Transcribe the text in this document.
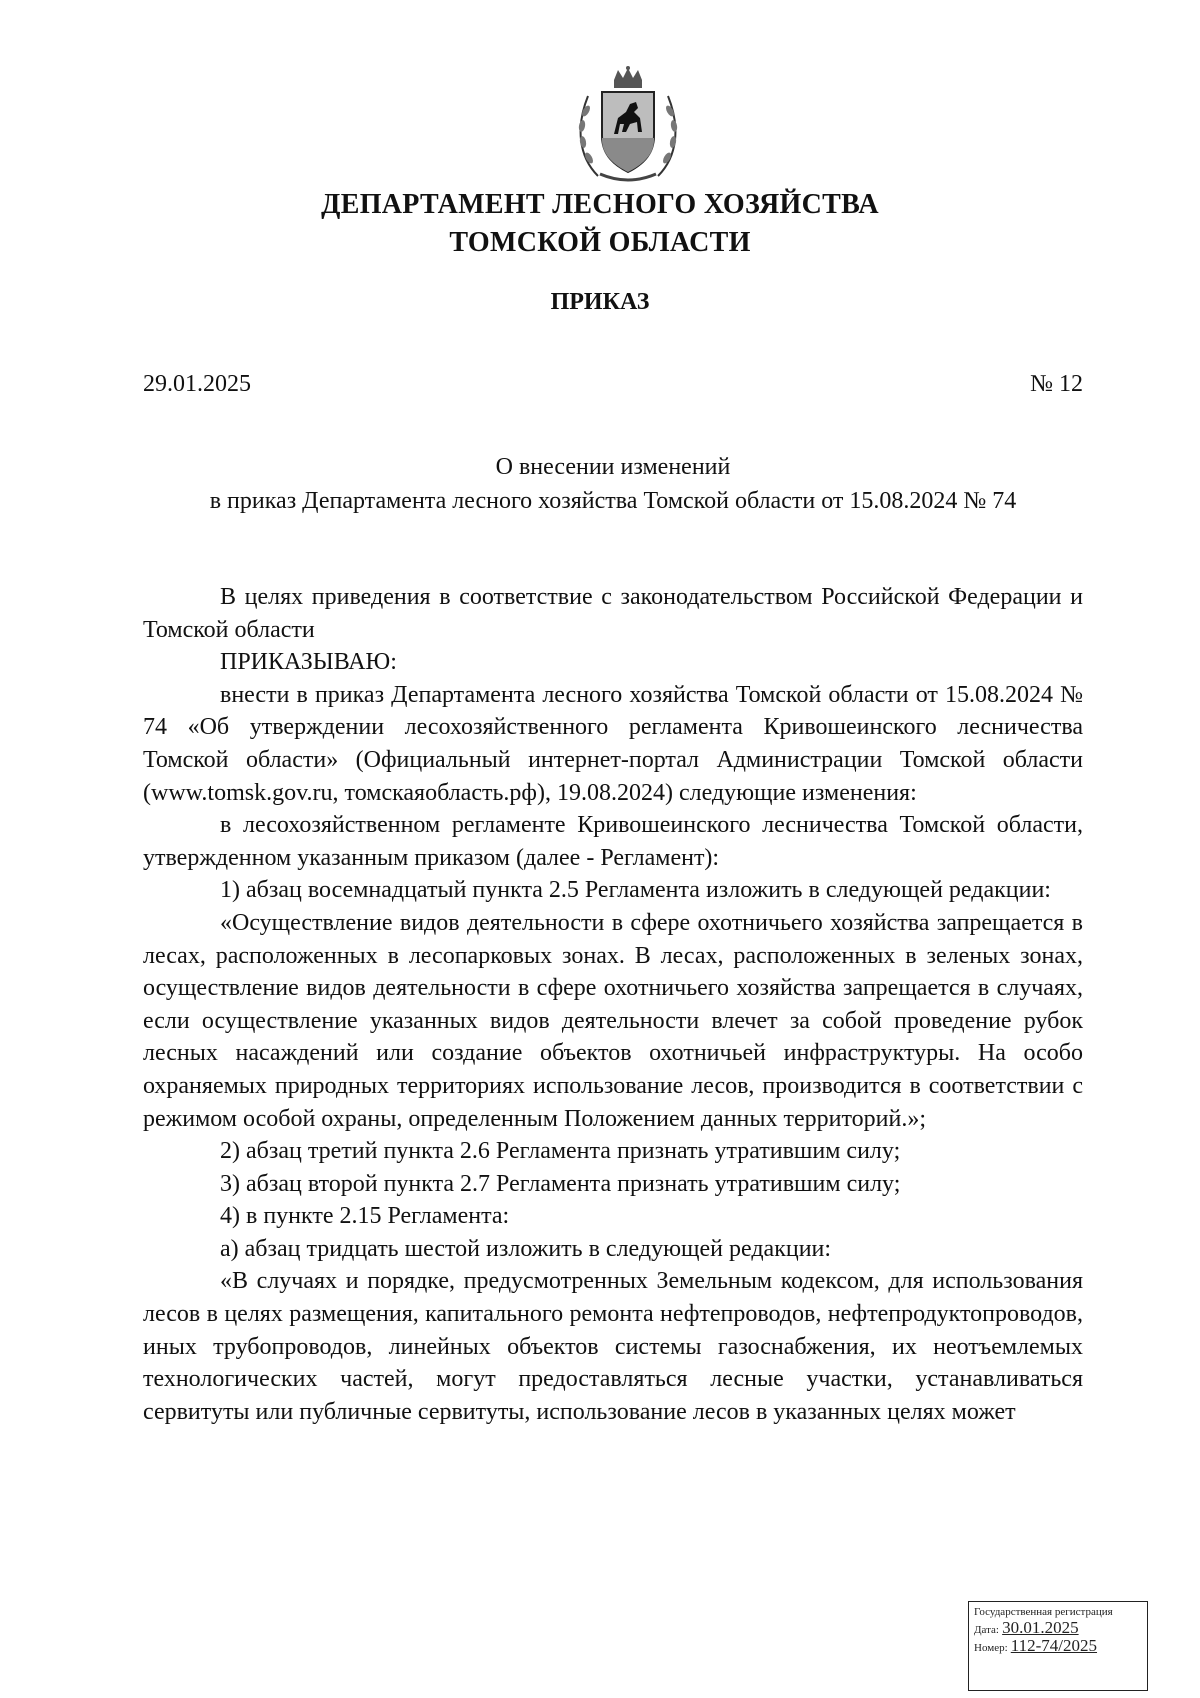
ДЕПАРТАМЕНТ ЛЕСНОГО ХОЗЯЙСТВА
ТОМСКОЙ ОБЛАСТИ
ПРИКАЗ
29.01.2025	№ 12
О внесении изменений
в приказ Департамента лесного хозяйства Томской области от 15.08.2024 № 74

В целях приведения в соответствие с законодательством Российской Федерации и Томской области

ПРИКАЗЫВАЮ:

внести в приказ Департамента лесного хозяйства Томской области от 15.08.2024 № 74 «Об утверждении лесохозяйственного регламента Кривошеинского лесничества Томской области» (Официальный интернет-портал Администрации Томской области (www.tomsk.gov.ru, томскаяобласть.рф), 19.08.2024) следующие изменения:

в лесохозяйственном регламенте Кривошеинского лесничества Томской области, утвержденном указанным приказом (далее - Регламент):

1) абзац восемнадцатый пункта 2.5 Регламента изложить в следующей редакции:

«Осуществление видов деятельности в сфере охотничьего хозяйства запрещается в лесах, расположенных в лесопарковых зонах. В лесах, расположенных в зеленых зонах, осуществление видов деятельности в сфере охотничьего хозяйства запрещается в случаях, если осуществление указанных видов деятельности влечет за собой проведение рубок лесных насаждений или создание объектов охотничьей инфраструктуры. На особо охраняемых природных территориях использование лесов, производится в соответствии с режимом особой охраны, определенным Положением данных территорий.»;

2) абзац третий пункта 2.6 Регламента признать утратившим силу;

3) абзац второй пункта 2.7 Регламента признать утратившим силу;

4) в пункте 2.15 Регламента:

а) абзац тридцать шестой изложить в следующей редакции:

«В случаях и порядке, предусмотренных Земельным кодексом, для использования лесов в целях размещения, капитального ремонта нефтепроводов, нефтепродуктопроводов, иных трубопроводов, линейных объектов системы газоснабжения, их неотъемлемых технологических частей, могут предоставляться лесные участки, устанавливаться сервитуты или публичные сервитуты, использование лесов в указанных целях может

Государственная регистрация
Дата: 30.01.2025
Номер: 112-74/2025
